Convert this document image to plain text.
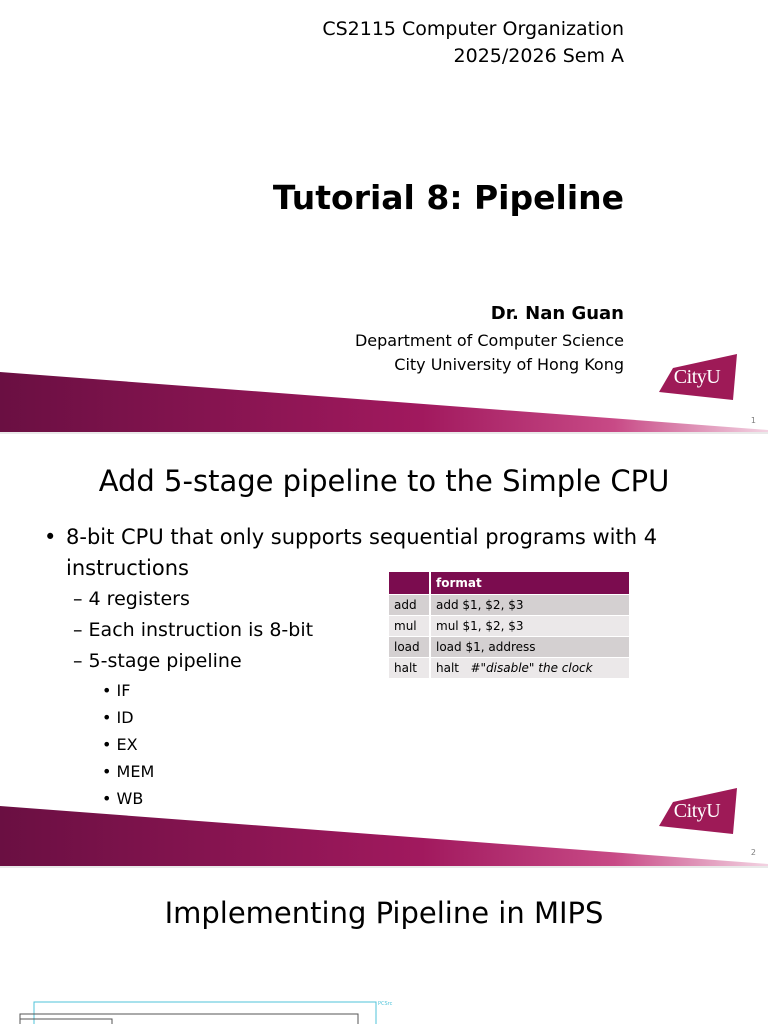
CS2115 Computer Organization
2025/2026 Sem A
Tutorial 8: Pipeline
Dr. Nan Guan
Department of Computer Science
City University of Hong Kong
CityU
1
Add 5-stage pipeline to the Simple CPU
• 8-bit CPU that only supports sequential programs with 4 instructions
– 4 registers
– Each instruction is 8-bit
– 5-stage pipeline
• IF
• ID
• EX
• MEM
• WB
	format
add	add $1, $2, $3
mul	mul $1, $2, $3
load	load $1, address
halt	halt #"disable" the clock
CityU
2
Implementing Pipeline in MIPS
PCSrc
